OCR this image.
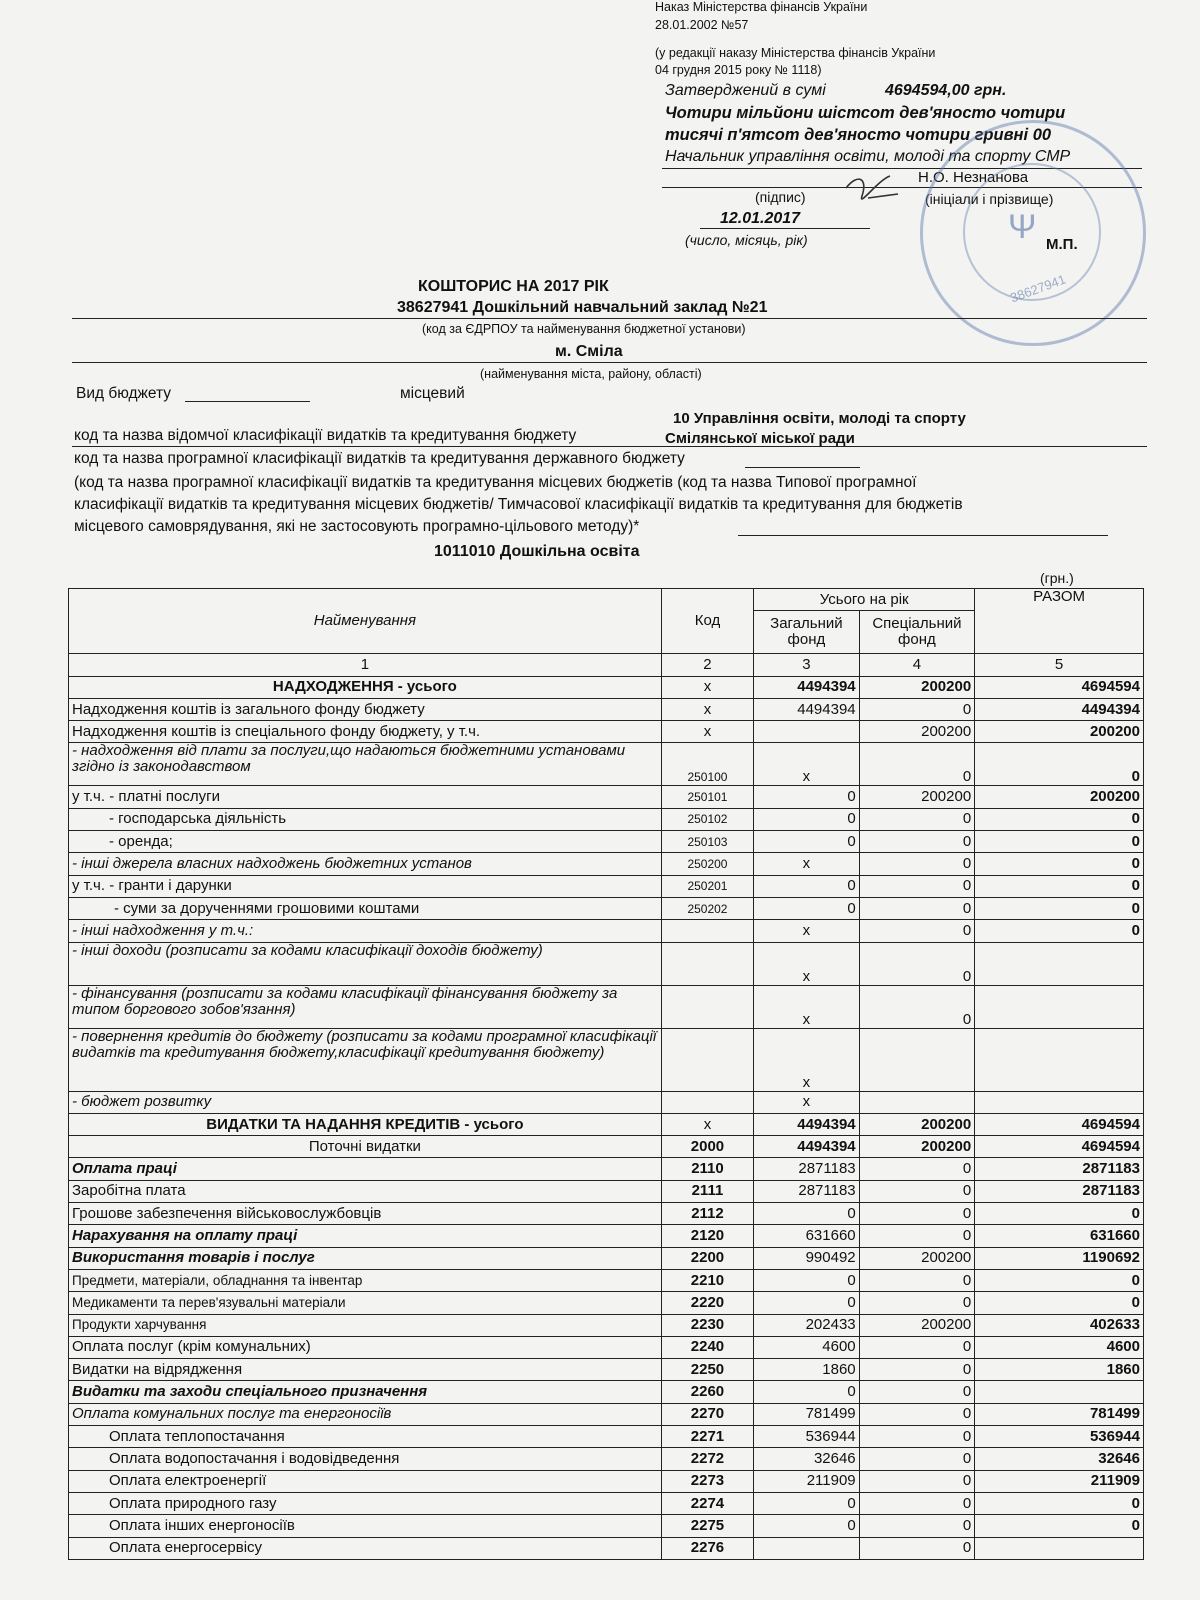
Наказ Міністерства фінансів України
28.01.2002 №57
(у редакції наказу Міністерства фінансів України
04 грудня 2015 року № 1118)
Затверджений в сумі	4694594,00 грн.
Чотири мільйони шістсот дев'яносто чотири
тисячі п'ятсот дев'яносто чотири гривні 00
Начальник управління освіти, молоді та спорту СМР
Н.О. Незнанова
(підпис)	(ініціали і прізвище)
12.01.2017
(число, місяць, рік)	М.П.
Ψ
38627941
КОШТОРИС НА 2017 РІК
38627941 Дошкільний навчальний заклад №21
(код за ЄДРПОУ та найменування бюджетної установи)
м. Сміла
(найменування міста, району, області)
Вид бюджету	місцевий
10 Управління освіти, молоді та спорту
код та назва відомчої класифікації видатків та кредитування бюджету	Смілянської міської ради
код та назва програмної класифікації видатків та кредитування державного бюджету
(код та назва програмної класифікації видатків та кредитування місцевих бюджетів (код та назва Типової програмної
класифікації видатків та кредитування місцевих бюджетів/ Тимчасової класифікації видатків та кредитування для бюджетів
місцевого самоврядування, які не застосовують програмно-цільового методу)*
1011010 Дошкільна освіта
(грн.)
Найменування	Код	Усього на рік		РАЗОМ
		Загальний фонд	Спеціальний фонд	
1	2	3	4	5
НАДХОДЖЕННЯ - усього	х	4494394	200200	4694594
Надходження коштів із загального фонду бюджету	х	4494394	0	4494394
Надходження коштів із спеціального фонду бюджету, у т.ч.	х		200200	200200
- надходження від плати за послуги,що надаються бюджетними установами згідно із законодавством	250100	х	0	0
у т.ч. - платні послуги	250101	0	200200	200200
- господарська діяльність	250102	0	0	0
- оренда;	250103	0	0	0
- інші джерела власних надходжень бюджетних установ	250200	х	0	0
у т.ч. - гранти і дарунки	250201	0	0	0
- суми за дорученнями грошовими коштами	250202	0	0	0
- інші надходження у т.ч.:		х	0	0
- інші доходи (розписати за кодами класифікації доходів бюджету)		х	0	
- фінансування (розписати за кодами класифікації фінансування бюджету за типом боргового зобов'язання)		х	0	
- повернення кредитів до бюджету (розписати за кодами програмної класифікації видатків та кредитування бюджету,класифікації кредитування бюджету)		х		
- бюджет розвитку		х		
ВИДАТКИ ТА НАДАННЯ КРЕДИТІВ - усього	х	4494394	200200	4694594
Поточні видатки	2000	4494394	200200	4694594
Оплата праці	2110	2871183	0	2871183
Заробітна плата	2111	2871183	0	2871183
Грошове забезпечення військовослужбовців	2112	0	0	0
Нарахування на оплату праці	2120	631660	0	631660
Використання товарів і послуг	2200	990492	200200	1190692
Предмети, матеріали, обладнання та інвентар	2210	0	0	0
Медикаменти та перев'язувальні матеріали	2220	0	0	0
Продукти харчування	2230	202433	200200	402633
Оплата послуг (крім комунальних)	2240	4600	0	4600
Видатки на відрядження	2250	1860	0	1860
Видатки та заходи спеціального призначення	2260	0	0	
Оплата комунальних послуг та енергоносіїв	2270	781499	0	781499
Оплата теплопостачання	2271	536944	0	536944
Оплата водопостачання і водовідведення	2272	32646	0	32646
Оплата електроенергії	2273	211909	0	211909
Оплата природного газу	2274	0	0	0
Оплата інших енергоносіїв	2275	0	0	0
Оплата енергосервісу	2276		0	
